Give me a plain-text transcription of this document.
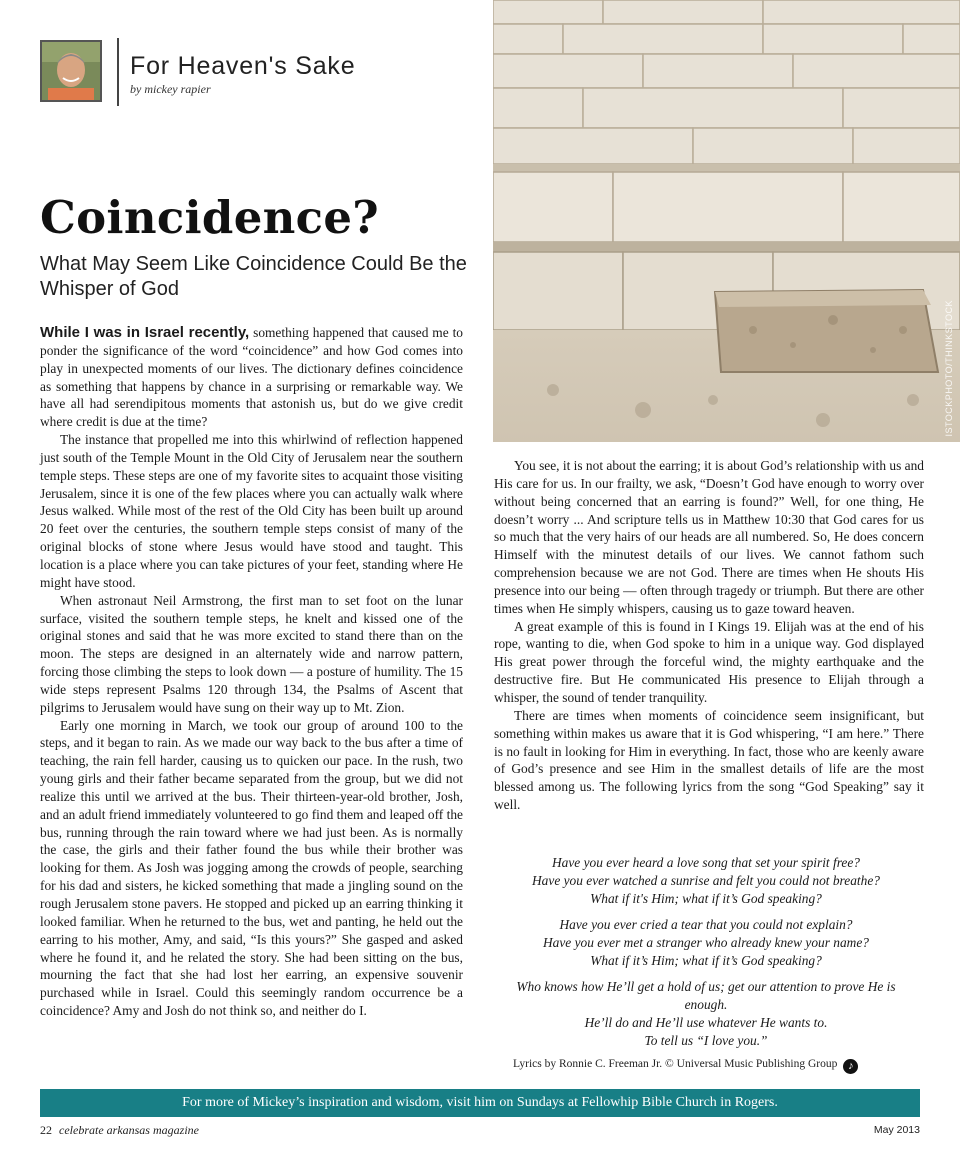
ISTOCKPHOTO/THINKSTOCK
For Heaven's Sake
by mickey rapier
Coincidence?
What May Seem Like Coincidence Could Be the Whisper of God

While I was in Israel recently, something happened that caused me to ponder the significance of the word “coincidence” and how God comes into play in unexpected moments of our lives. The dictionary defines coincidence as something that happens by chance in a surprising or remarkable way. We have all had serendipitous moments that astonish us, but do we give credit where credit is due at the time?

The instance that propelled me into this whirlwind of reflection happened just south of the Temple Mount in the Old City of Jerusalem near the southern temple steps. These steps are one of my favorite sites to acquaint those visiting Jerusalem, since it is one of the few places where you can actually walk where Jesus walked. While most of the rest of the Old City has been built up around 20 feet over the centuries, the southern temple steps consist of many of the original blocks of stone where Jesus would have stood and taught. This location is a place where you can take pictures of your feet, standing where He might have stood.

When astronaut Neil Armstrong, the first man to set foot on the lunar surface, visited the southern temple steps, he knelt and kissed one of the original stones and said that he was more excited to stand there than on the moon. The steps are designed in an alternately wide and narrow pattern, forcing those climbing the steps to look down — a posture of humility. The 15 wide steps represent Psalms 120 through 134, the Psalms of Ascent that pilgrims to Jerusalem would have sung on their way up to Mt. Zion.

Early one morning in March, we took our group of around 100 to the steps, and it began to rain. As we made our way back to the bus after a time of teaching, the rain fell harder, causing us to quicken our pace. In the rush, two young girls and their father became separated from the group, but we did not realize this until we arrived at the bus. Their thirteen-year-old brother, Josh, and an adult friend immediately volunteered to go find them and leaped off the bus, running through the rain toward where we had just been. As is normally the case, the girls and their father found the bus while their brother was looking for them. As Josh was jogging among the crowds of people, searching for his dad and sisters, he kicked something that made a jingling sound on the rough Jerusalem stone pavers. He stopped and picked up an earring thinking it looked familiar. When he returned to the bus, wet and panting, he held out the earring to his mother, Amy, and said, “Is this yours?” She gasped and asked where he found it, and he related the story. She had been sitting on the bus, mourning the fact that she had lost her earring, an expensive souvenir purchased while in Israel. Could this seemingly random occurrence be a coincidence? Amy and Josh do not think so, and neither do I.

You see, it is not about the earring; it is about God’s relationship with us and His care for us. In our frailty, we ask, “Doesn’t God have enough to worry over without being concerned that an earring is found?” Well, for one thing, He doesn’t worry ... And scripture tells us in Matthew 10:30 that God cares for us so much that the very hairs of our heads are all numbered. So, He does concern Himself with the minutest details of our lives. We cannot fathom such comprehension because we are not God. There are times when He shouts His presence into our being — often through tragedy or triumph. But there are other times when He simply whispers, causing us to gaze toward heaven.

A great example of this is found in I Kings 19. Elijah was at the end of his rope, wanting to die, when God spoke to him in a unique way. God displayed His great power through the forceful wind, the mighty earthquake and the destructive fire. But He communicated His presence to Elijah through a whisper, the sound of tender tranquility.

There are times when moments of coincidence seem insignificant, but something within makes us aware that it is God whispering, “I am here.” There is no fault in looking for Him in everything. In fact, those who are keenly aware of God’s presence and see Him in the smallest details of life are the most blessed among us. The following lyrics from the song “God Speaking” say it well.

Have you ever heard a love song that set your spirit free?
Have you ever watched a sunrise and felt you could not breathe?
What if it's Him; what if it’s God speaking?
Have you ever cried a tear that you could not explain?
Have you ever met a stranger who already knew your name?
What if it’s Him; what if it’s God speaking?
Who knows how He’ll get a hold of us; get our attention to prove He is enough.
He’ll do and He’ll use whatever He wants to.
To tell us “I love you.”
Lyrics by Ronnie C. Freeman Jr. © Universal Music Publishing Group ♪
For more of Mickey’s inspiration and wisdom, visit him on Sundays at Fellowhip Bible Church in Rogers.
22 celebrate arkansas magazine	May 2013
